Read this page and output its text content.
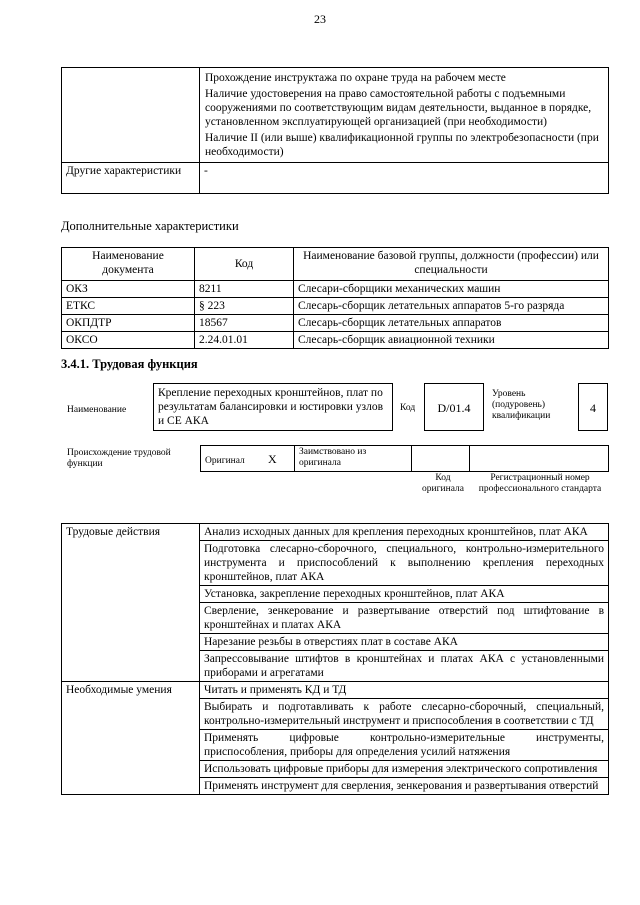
23

	Прохождение инструктажа по охране труда на рабочем месте
Наличие удостоверения на право самостоятельной работы с подъемными сооружениями по соответствующим видам деятельности, выданное в порядке, установленном эксплуатирующей организацией (при необходимости)
Наличие II (или выше) квалификационной группы по электробезопасности (при необходимости)

Другие характеристики	-
Дополнительные характеристики
Наименование документа	Код	Наименование базовой группы, должности (профессии) или специальности
ОКЗ	8211	Слесари-сборщики механических машин
ЕТКС	§ 223	Слесарь-сборщик летательных аппаратов 5-го разряда
ОКПДТР	18567	Слесарь-сборщик летательных аппаратов
ОКСО	2.24.01.01	Слесарь-сборщик авиационной техники
3.4.1. Трудовая функция
Наименование
Крепление переходных кронштейнов, плат по результатам балансировки и юстировки узлов и СЕ АКА
Код	D/01.4
Уровень (подуровень) квалификации
4
Происхождение трудовой функции	Оригинал X Заимствовано из оригинала
Код оригинала
Регистрационный номер профессионального стандарта
Трудовые действия	Анализ исходных данных для крепления переходных кронштейнов, плат АКА
	Подготовка слесарно-сборочного, специального, контрольно-измерительного инструмента и приспособлений к выполнению крепления переходных кронштейнов, плат АКА
	Установка, закрепление переходных кронштейнов, плат АКА
	Сверление, зенкерование и развертывание отверстий под штифтование в кронштейнах и платах АКА
	Нарезание резьбы в отверстиях плат в составе АКА
	Запрессовывание штифтов в кронштейнах и платах АКА с установленными приборами и агрегатами
Необходимые умения	Читать и применять КД и ТД
	Выбирать и подготавливать к работе слесарно-сборочный, специальный, контрольно-измерительный инструмент и приспособления в соответствии с ТД
	Применять цифровые контрольно-измерительные инструменты, приспособления, приборы для определения усилий натяжения
	Использовать цифровые приборы для измерения электрического сопротивления
	Применять инструмент для сверления, зенкерования и развертывания отверстий
